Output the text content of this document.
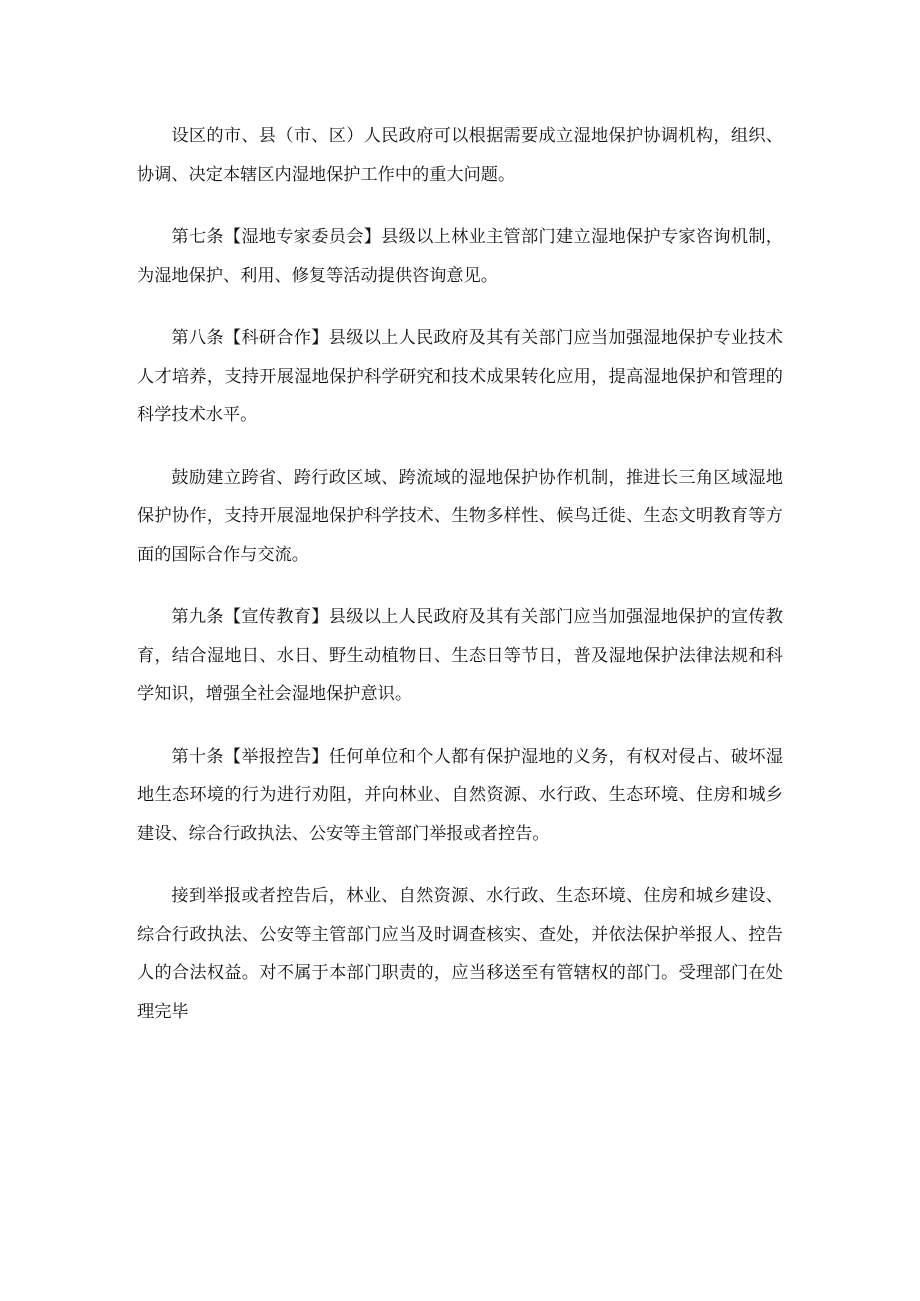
设区的市、县（市、区）人民政府可以根据需要成立湿地保护协调机构，组织、协调、决定本辖区内湿地保护工作中的重大问题。

第七条【湿地专家委员会】县级以上林业主管部门建立湿地保护专家咨询机制，为湿地保护、利用、修复等活动提供咨询意见。

第八条【科研合作】县级以上人民政府及其有关部门应当加强湿地保护专业技术人才培养，支持开展湿地保护科学研究和技术成果转化应用，提高湿地保护和管理的科学技术水平。

鼓励建立跨省、跨行政区域、跨流域的湿地保护协作机制，推进长三角区域湿地保护协作，支持开展湿地保护科学技术、生物多样性、候鸟迁徙、生态文明教育等方面的国际合作与交流。

第九条【宣传教育】县级以上人民政府及其有关部门应当加强湿地保护的宣传教育，结合湿地日、水日、野生动植物日、生态日等节日，普及湿地保护法律法规和科学知识，增强全社会湿地保护意识。

第十条【举报控告】任何单位和个人都有保护湿地的义务，有权对侵占、破坏湿地生态环境的行为进行劝阻，并向林业、自然资源、水行政、生态环境、住房和城乡建设、综合行政执法、公安等主管部门举报或者控告。

接到举报或者控告后，林业、自然资源、水行政、生态环境、住房和城乡建设、综合行政执法、公安等主管部门应当及时调查核实、查处，并依法保护举报人、控告人的合法权益。对不属于本部门职责的，应当移送至有管辖权的部门。受理部门在处理完毕
